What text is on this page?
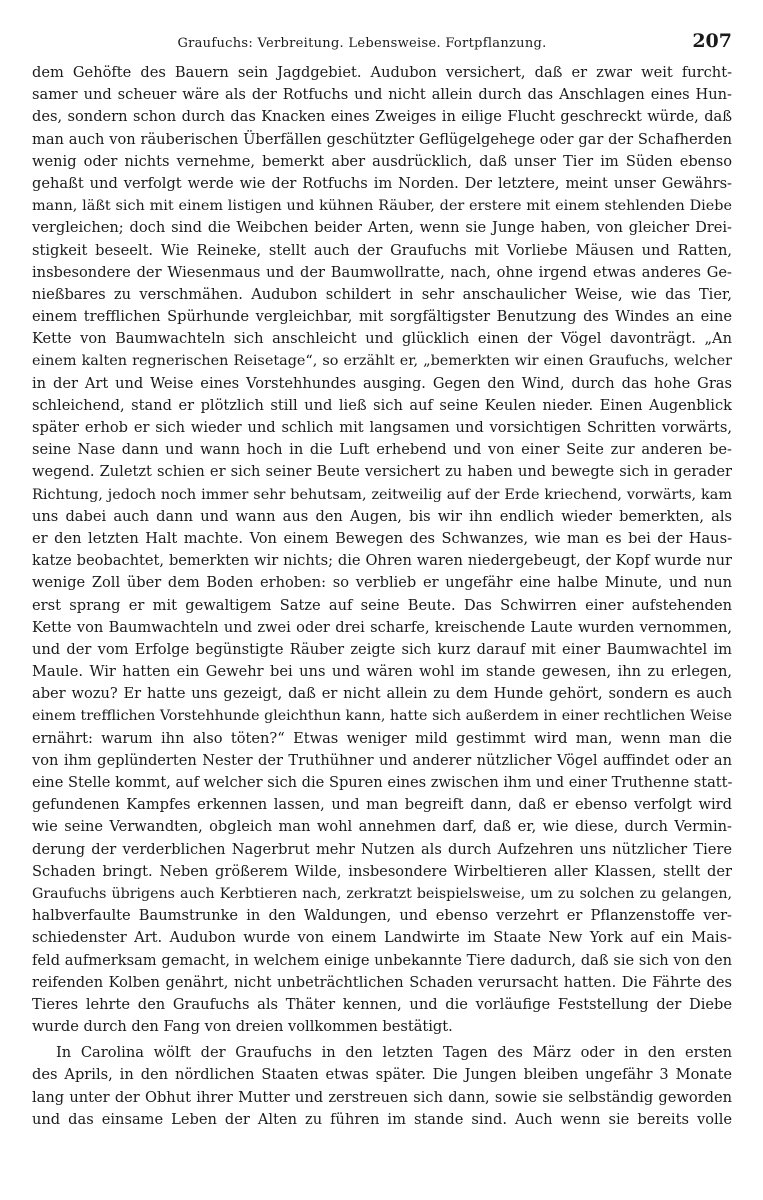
Graufuchs: Verbreitung. Lebensweise. Fortpflanzung.	207
dem Gehöfte des Bauern sein Jagdgebiet. Audubon versichert, daß er zwar weit furcht-
samer und scheuer wäre als der Rotfuchs und nicht allein durch das Anschlagen eines Hun-
des, sondern schon durch das Knacken eines Zweiges in eilige Flucht geschreckt würde, daß
man auch von räuberischen Überfällen geschützter Geflügelgehege oder gar der Schafherden
wenig oder nichts vernehme, bemerkt aber ausdrücklich, daß unser Tier im Süden ebenso
gehaßt und verfolgt werde wie der Rotfuchs im Norden. Der letztere, meint unser Gewährs-
mann, läßt sich mit einem listigen und kühnen Räuber, der erstere mit einem stehlenden Diebe
vergleichen; doch sind die Weibchen beider Arten, wenn sie Junge haben, von gleicher Drei-
stigkeit beseelt. Wie Reineke, stellt auch der Graufuchs mit Vorliebe Mäusen und Ratten,
insbesondere der Wiesenmaus und der Baumwollratte, nach, ohne irgend etwas anderes Ge-
nießbares zu verschmähen. Audubon schildert in sehr anschaulicher Weise, wie das Tier,
einem trefflichen Spürhunde vergleichbar, mit sorgfältigster Benutzung des Windes an eine
Kette von Baumwachteln sich anschleicht und glücklich einen der Vögel davonträgt. „An
einem kalten regnerischen Reisetage“, so erzählt er, „bemerkten wir einen Graufuchs, welcher
in der Art und Weise eines Vorstehhundes ausging. Gegen den Wind, durch das hohe Gras
schleichend, stand er plötzlich still und ließ sich auf seine Keulen nieder. Einen Augenblick
später erhob er sich wieder und schlich mit langsamen und vorsichtigen Schritten vorwärts,
seine Nase dann und wann hoch in die Luft erhebend und von einer Seite zur anderen be-
wegend. Zuletzt schien er sich seiner Beute versichert zu haben und bewegte sich in gerader
Richtung, jedoch noch immer sehr behutsam, zeitweilig auf der Erde kriechend, vorwärts, kam
uns dabei auch dann und wann aus den Augen, bis wir ihn endlich wieder bemerkten, als
er den letzten Halt machte. Von einem Bewegen des Schwanzes, wie man es bei der Haus-
katze beobachtet, bemerkten wir nichts; die Ohren waren niedergebeugt, der Kopf wurde nur
wenige Zoll über dem Boden erhoben: so verblieb er ungefähr eine halbe Minute, und nun
erst sprang er mit gewaltigem Satze auf seine Beute. Das Schwirren einer aufstehenden
Kette von Baumwachteln und zwei oder drei scharfe, kreischende Laute wurden vernommen,
und der vom Erfolge begünstigte Räuber zeigte sich kurz darauf mit einer Baumwachtel im
Maule. Wir hatten ein Gewehr bei uns und wären wohl im stande gewesen, ihn zu erlegen,
aber wozu? Er hatte uns gezeigt, daß er nicht allein zu dem Hunde gehört, sondern es auch
einem trefflichen Vorstehhunde gleichthun kann, hatte sich außerdem in einer rechtlichen Weise
ernährt: warum ihn also töten?“ Etwas weniger mild gestimmt wird man, wenn man die
von ihm geplünderten Nester der Truthühner und anderer nützlicher Vögel auffindet oder an
eine Stelle kommt, auf welcher sich die Spuren eines zwischen ihm und einer Truthenne statt-
gefundenen Kampfes erkennen lassen, und man begreift dann, daß er ebenso verfolgt wird
wie seine Verwandten, obgleich man wohl annehmen darf, daß er, wie diese, durch Vermin-
derung der verderblichen Nagerbrut mehr Nutzen als durch Aufzehren uns nützlicher Tiere
Schaden bringt. Neben größerem Wilde, insbesondere Wirbeltieren aller Klassen, stellt der
Graufuchs übrigens auch Kerbtieren nach, zerkratzt beispielsweise, um zu solchen zu gelangen,
halbverfaulte Baumstrunke in den Waldungen, und ebenso verzehrt er Pflanzenstoffe ver-
schiedenster Art. Audubon wurde von einem Landwirte im Staate New York auf ein Mais-
feld aufmerksam gemacht, in welchem einige unbekannte Tiere dadurch, daß sie sich von den
reifenden Kolben genährt, nicht unbeträchtlichen Schaden verursacht hatten. Die Fährte des
Tieres lehrte den Graufuchs als Thäter kennen, und die vorläufige Feststellung der Diebe
wurde durch den Fang von dreien vollkommen bestätigt.
In Carolina wölft der Graufuchs in den letzten Tagen des März oder in den ersten
des Aprils, in den nördlichen Staaten etwas später. Die Jungen bleiben ungefähr 3 Monate
lang unter der Obhut ihrer Mutter und zerstreuen sich dann, sowie sie selbständig geworden
und das einsame Leben der Alten zu führen im stande sind. Auch wenn sie bereits volle
